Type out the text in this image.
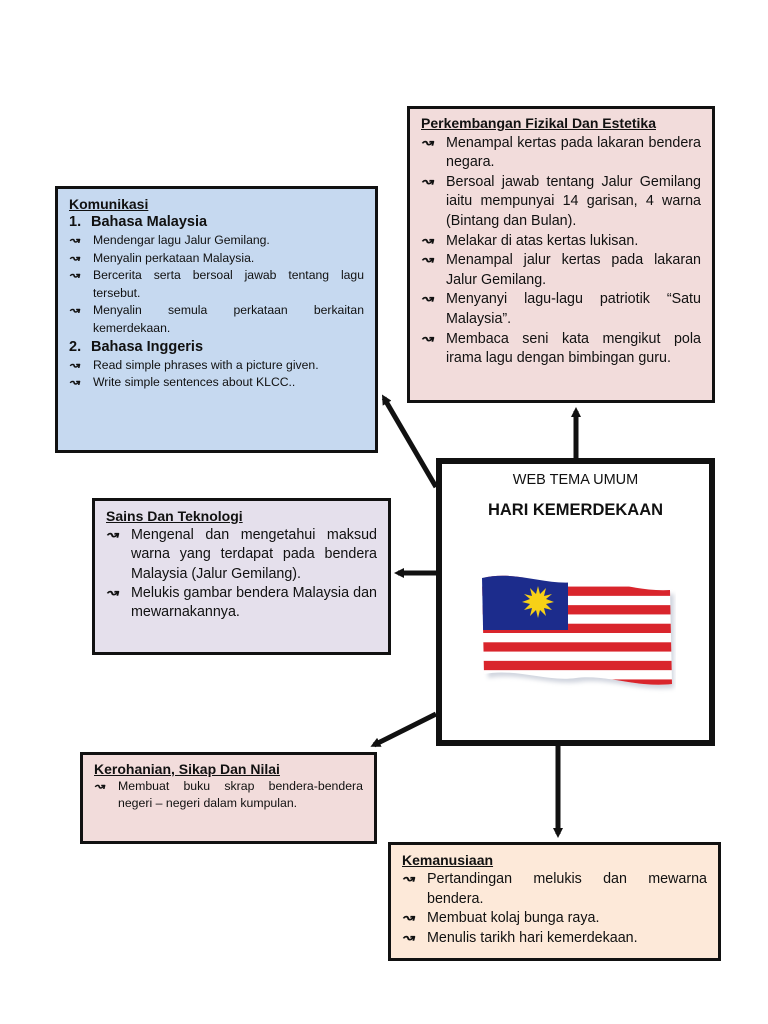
Perkembangan Fizikal Dan Estetika
↝ Menampal kertas pada lakaran bendera negara.
↝ Bersoal jawab tentang Jalur Gemilang iaitu mempunyai 14 garisan, 4 warna (Bintang dan Bulan).
↝ Melakar di atas kertas lukisan.
↝ Menampal jalur kertas pada lakaran Jalur Gemilang.
↝ Menyanyi lagu-lagu patriotik “Satu Malaysia”.
↝ Membaca seni kata mengikut pola irama lagu dengan bimbingan guru.
Komunikasi
1. Bahasa Malaysia
↝ Mendengar lagu Jalur Gemilang.
↝ Menyalin perkataan Malaysia.
↝ Bercerita serta bersoal jawab tentang lagu tersebut.
↝ Menyalin semula perkataan berkaitan kemerdekaan.
2. Bahasa Inggeris
↝ Read simple phrases with a picture given.
↝ Write simple sentences about KLCC..
Sains Dan Teknologi
↝ Mengenal dan mengetahui maksud warna yang terdapat pada bendera Malaysia (Jalur Gemilang).
↝ Melukis gambar bendera Malaysia dan mewarnakannya.
WEB TEMA UMUM
HARI KEMERDEKAAN
Kerohanian, Sikap Dan Nilai
↝ Membuat buku skrap bendera-bendera negeri – negeri dalam kumpulan.
Kemanusiaan
↝ Pertandingan melukis dan mewarna bendera.
↝ Membuat kolaj bunga raya.
↝ Menulis tarikh hari kemerdekaan.
